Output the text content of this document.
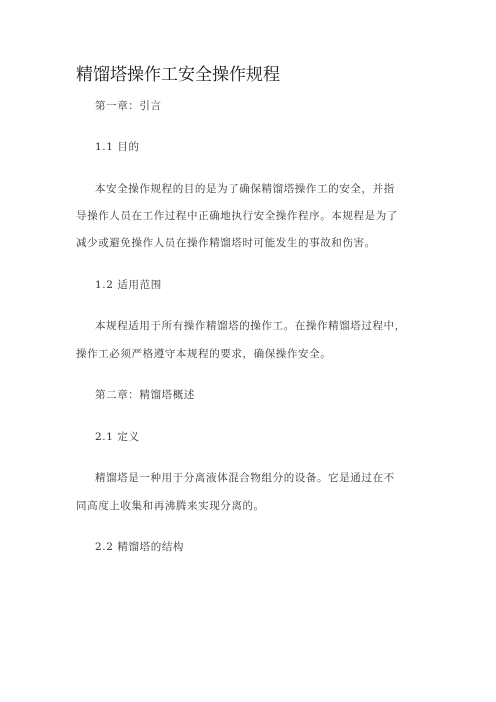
精馏塔操作工安全操作规程
第一章：引言
1.1 目的
本安全操作规程的目的是为了确保精馏塔操作工的安全，并指
导操作人员在工作过程中正确地执行安全操作程序。本规程是为了
减少或避免操作人员在操作精馏塔时可能发生的事故和伤害。
1.2 适用范围
本规程适用于所有操作精馏塔的操作工。在操作精馏塔过程中，
操作工必须严格遵守本规程的要求，确保操作安全。
第二章：精馏塔概述
2.1 定义
精馏塔是一种用于分离液体混合物组分的设备。它是通过在不
同高度上收集和再沸腾来实现分离的。
2.2 精馏塔的结构
